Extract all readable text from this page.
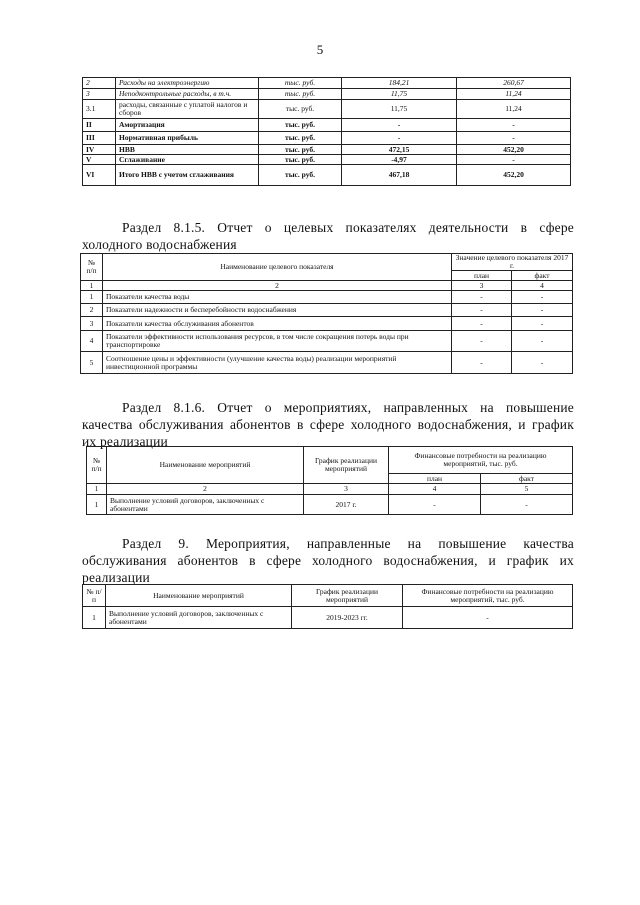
5
2	Расходы на электроэнергию	тыс. руб.	184,21	260,67
3	Неподконтрольные расходы, в т.ч.	тыс. руб.	11,75	11,24
3.1	расходы, связанные с уплатой налогов и сборов	тыс. руб.	11,75	11,24
II	Амортизация	тыс. руб.	-	-
III	Нормативная прибыль	тыс. руб.	-	-
IV	НВВ	тыс. руб.	472,15	452,20
V	Сглаживание	тыс. руб.	-4,97	-
VI	Итого НВВ с учетом сглаживания	тыс. руб.	467,18	452,20
Раздел 8.1.5. Отчет о целевых показателях деятельности в сфере
холодного водоснабжения
№ п/п	Наименование целевого показателя	Значение целевого показателя 2017 г.	
		план	факт
1	2	3	4
1	Показатели качества воды	-	-
2	Показатели надежности и бесперебойности водоснабжения	-	-
3	Показатели качества обслуживания абонентов	-	-
4	Показатели эффективности использования ресурсов, в том числе сокращения потерь воды при транспортировке	-	-
5	Соотношение цены и эффективности (улучшение качества воды) реализации мероприятий инвестиционной программы	-	-
Раздел 8.1.6. Отчет о мероприятиях, направленных на повышение
качества обслуживания абонентов в сфере холодного водоснабжения, и график
их реализации
№ п/п	Наименование мероприятий	График реализации мероприятий	Финансовые потребности на реализацию мероприятий, тыс. руб.	
			план	факт
1	2	3	4	5
1	Выполнение условий договоров, заключенных с абонентами	2017 г.	-	-
Раздел 9. Мероприятия, направленные на повышение качества
обслуживания абонентов в сфере холодного водоснабжения, и график их
реализации
№ п/п	Наименование мероприятий	График реализации мероприятий	Финансовые потребности на реализацию мероприятий, тыс. руб.
1	Выполнение условий договоров, заключенных с абонентами	2019-2023 гг.	-
